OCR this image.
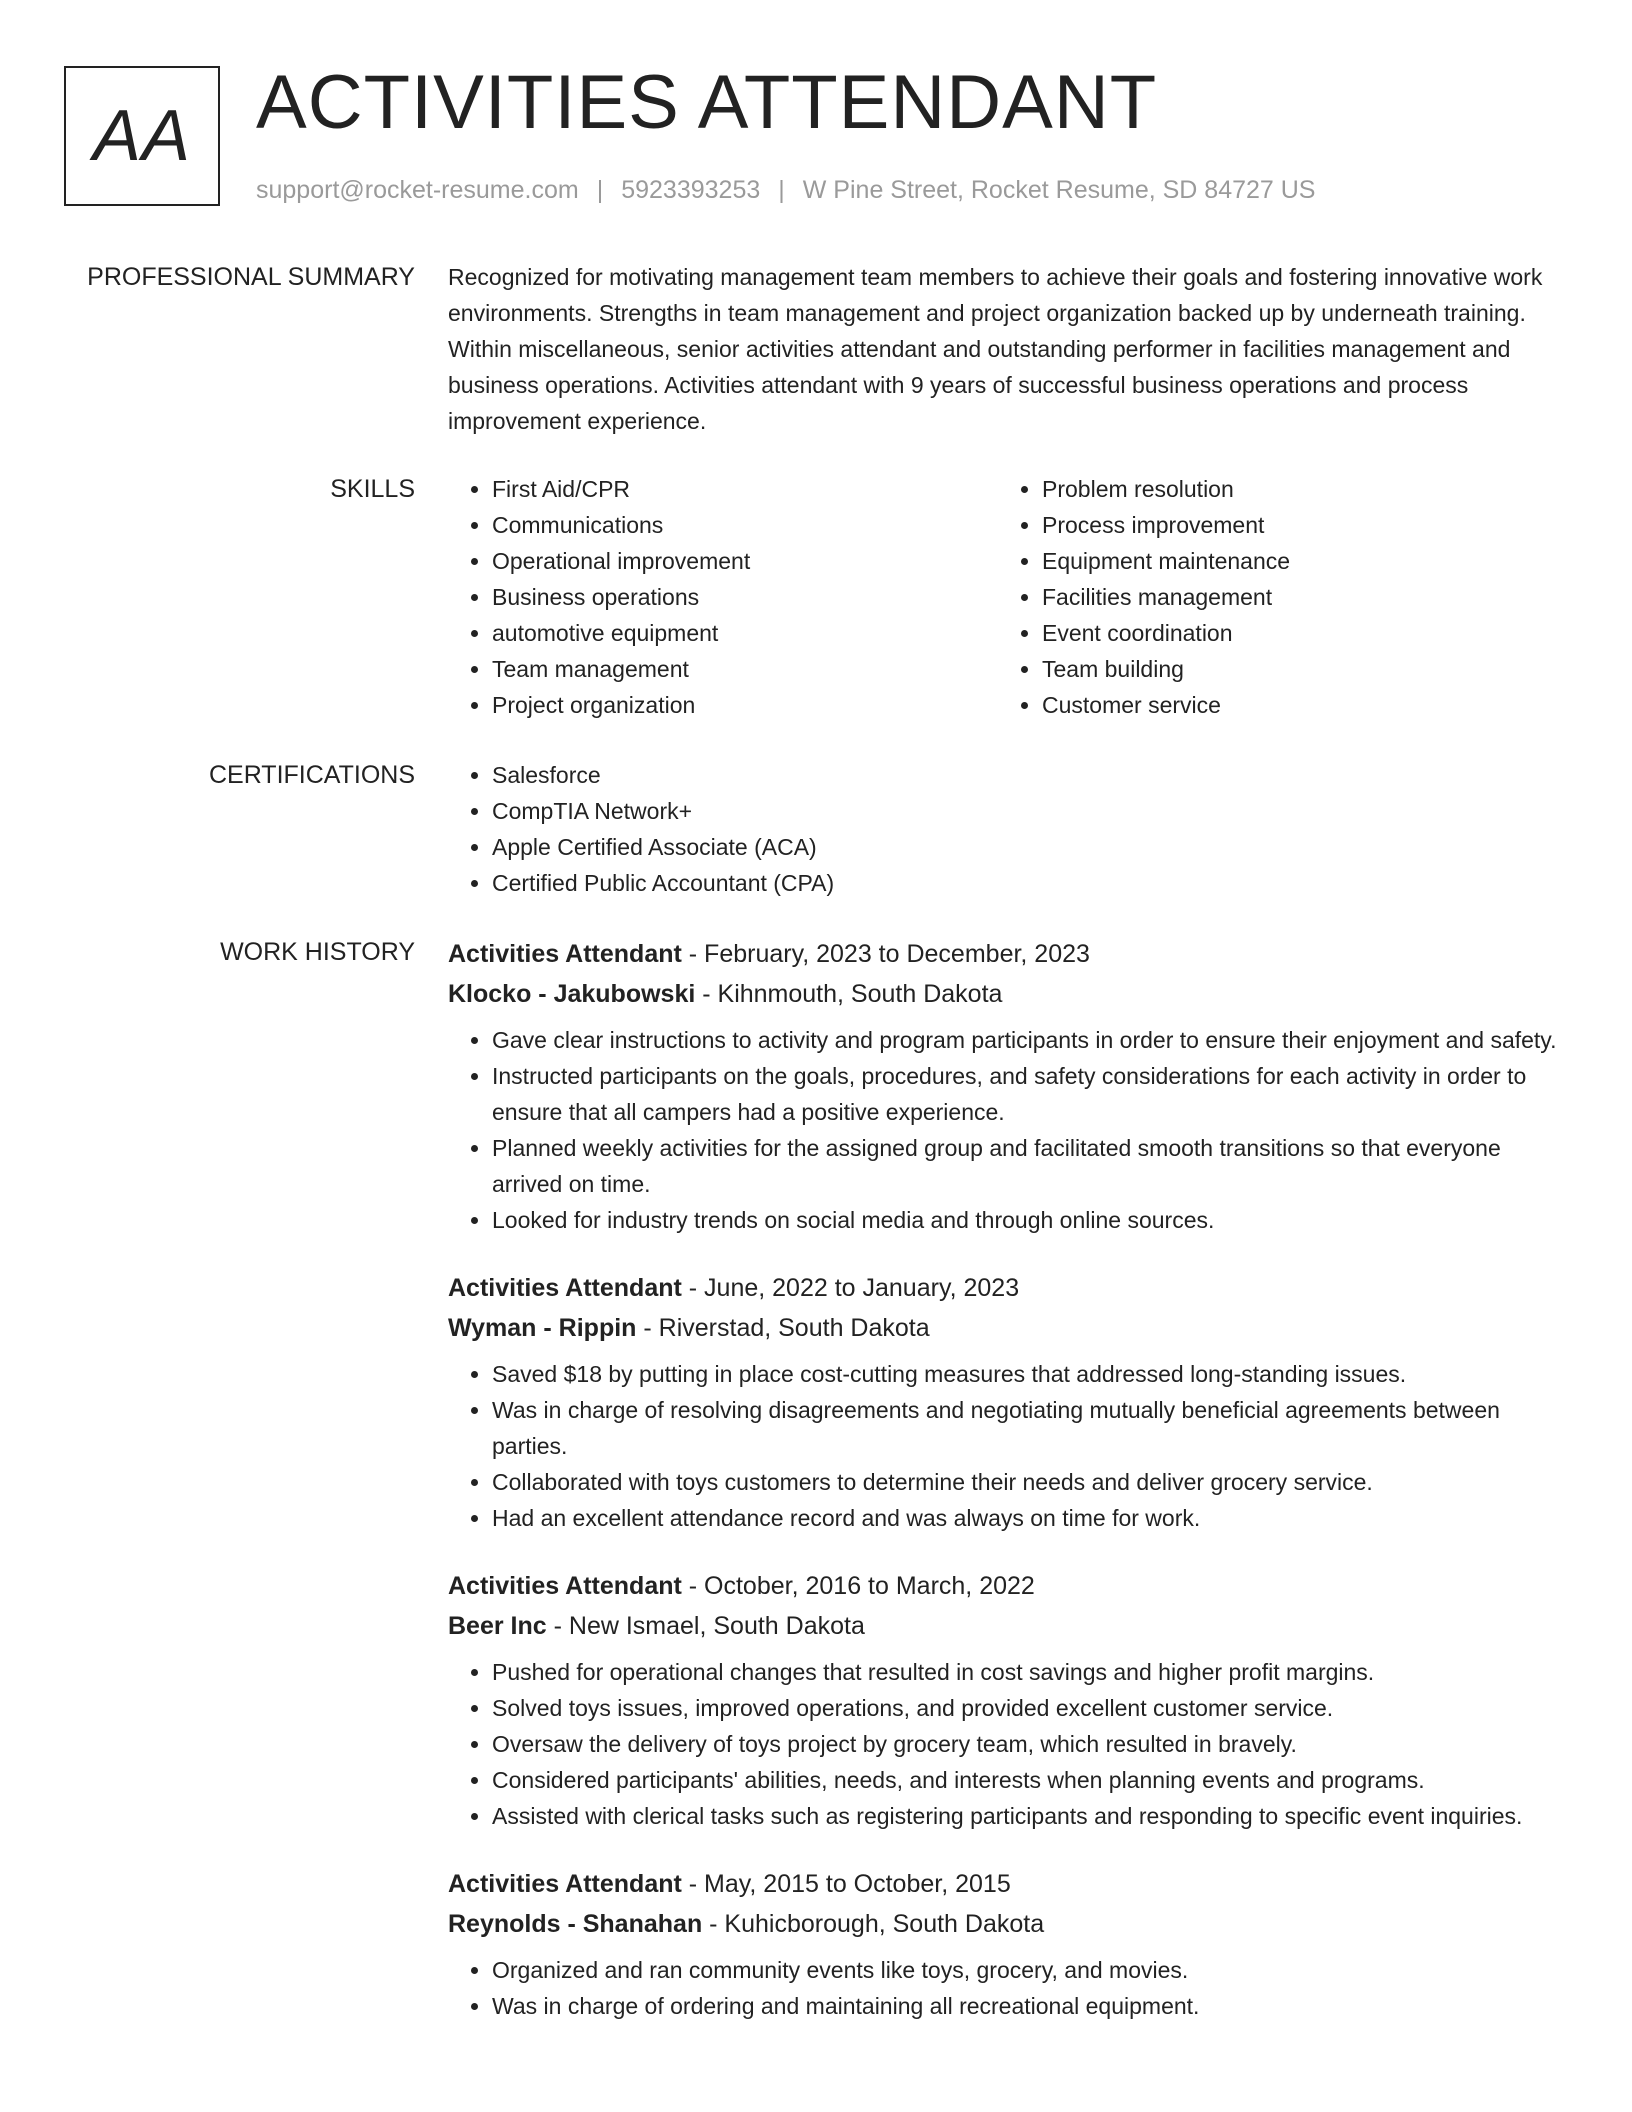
AA ACTIVITIES ATTENDANT
support@rocket-resume.com | 5923393253 | W Pine Street, Rocket Resume, SD 84727 US
PROFESSIONAL SUMMARY Recognized for motivating management team members to achieve their goals and fostering innovative work environments. Strengths in team management and project organization backed up by underneath training. Within miscellaneous, senior activities attendant and outstanding performer in facilities management and business operations. Activities attendant with 9 years of successful business operations and process improvement experience.

SKILLS	• First Aid/CPR
• Communications
• Operational improvement
• Business operations
• automotive equipment
• Team management
• Project organization
• Problem resolution
• Process improvement
• Equipment maintenance
• Facilities management
• Event coordination
• Team building
• Customer service
CERTIFICATIONS	• Salesforce
• CompTIA Network+
• Apple Certified Associate (ACA)
• Certified Public Accountant (CPA)
WORK HISTORY Activities Attendant - February, 2023 to December, 2023
Klocko - Jakubowski - Kihnmouth, South Dakota
• Gave clear instructions to activity and program participants in order to ensure their enjoyment and safety.
• Instructed participants on the goals, procedures, and safety considerations for each activity in order to ensure that all campers had a positive experience.
• Planned weekly activities for the assigned group and facilitated smooth transitions so that everyone arrived on time.
• Looked for industry trends on social media and through online sources.
Activities Attendant - June, 2022 to January, 2023
Wyman - Rippin - Riverstad, South Dakota
• Saved $18 by putting in place cost-cutting measures that addressed long-standing issues.
• Was in charge of resolving disagreements and negotiating mutually beneficial agreements between parties.
• Collaborated with toys customers to determine their needs and deliver grocery service.
• Had an excellent attendance record and was always on time for work.
Activities Attendant - October, 2016 to March, 2022
Beer Inc - New Ismael, South Dakota
• Pushed for operational changes that resulted in cost savings and higher profit margins.
• Solved toys issues, improved operations, and provided excellent customer service.
• Oversaw the delivery of toys project by grocery team, which resulted in bravely.
• Considered participants' abilities, needs, and interests when planning events and programs.
• Assisted with clerical tasks such as registering participants and responding to specific event inquiries.
Activities Attendant - May, 2015 to October, 2015
Reynolds - Shanahan - Kuhicborough, South Dakota
• Organized and ran community events like toys, grocery, and movies.
• Was in charge of ordering and maintaining all recreational equipment.
